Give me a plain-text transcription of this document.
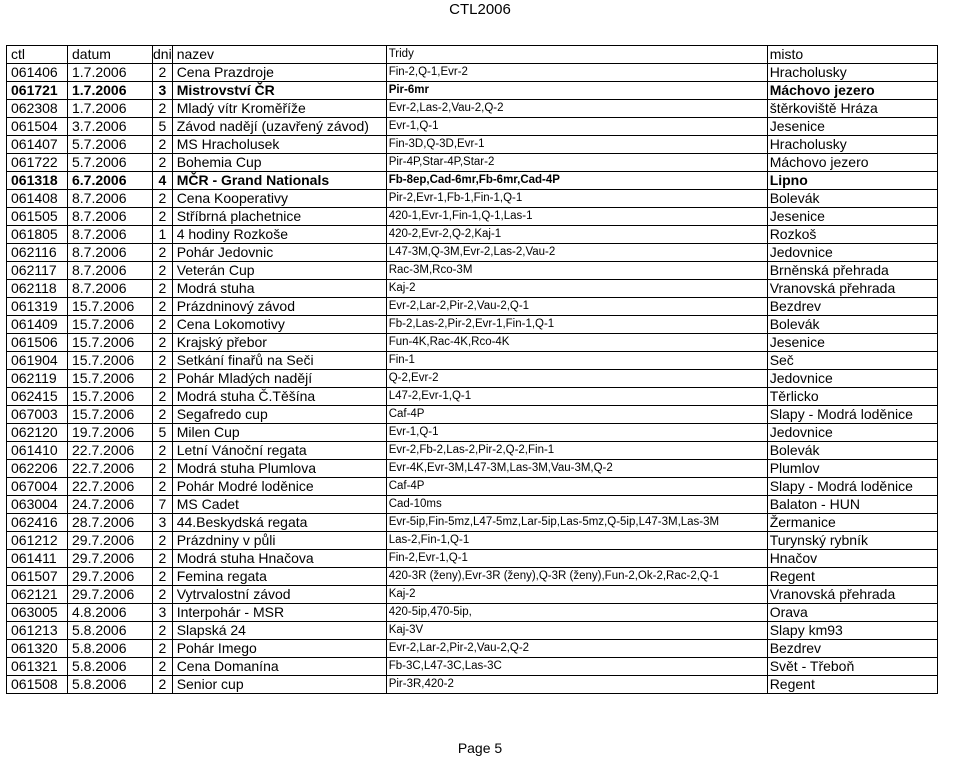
CTL2006
ctl	datum	dni	nazev	Tridy	misto
061406	1.7.2006	2	Cena Prazdroje	Fin-2,Q-1,Evr-2	Hracholusky
061721	1.7.2006	3	Mistrovství ČR	Pir-6mr	Máchovo jezero
062308	1.7.2006	2	Mladý vítr Kroměříže	Evr-2,Las-2,Vau-2,Q-2	štěrkoviště Hráza
061504	3.7.2006	5	Závod nadějí (uzavřený závod)	Evr-1,Q-1	Jesenice
061407	5.7.2006	2	MS Hracholusek	Fin-3D,Q-3D,Evr-1	Hracholusky
061722	5.7.2006	2	Bohemia Cup	Pir-4P,Star-4P,Star-2	Máchovo jezero
061318	6.7.2006	4	MČR - Grand Nationals	Fb-8ep,Cad-6mr,Fb-6mr,Cad-4P	Lipno
061408	8.7.2006	2	Cena Kooperativy	Pir-2,Evr-1,Fb-1,Fin-1,Q-1	Bolevák
061505	8.7.2006	2	Stříbrná plachetnice	420-1,Evr-1,Fin-1,Q-1,Las-1	Jesenice
061805	8.7.2006	1	4 hodiny Rozkoše	420-2,Evr-2,Q-2,Kaj-1	Rozkoš
062116	8.7.2006	2	Pohár Jedovnic	L47-3M,Q-3M,Evr-2,Las-2,Vau-2	Jedovnice
062117	8.7.2006	2	Veterán Cup	Rac-3M,Rco-3M	Brněnská přehrada
062118	8.7.2006	2	Modrá stuha	Kaj-2	Vranovská přehrada
061319	15.7.2006	2	Prázdninový závod	Evr-2,Lar-2,Pir-2,Vau-2,Q-1	Bezdrev
061409	15.7.2006	2	Cena Lokomotivy	Fb-2,Las-2,Pir-2,Evr-1,Fin-1,Q-1	Bolevák
061506	15.7.2006	2	Krajský přebor	Fun-4K,Rac-4K,Rco-4K	Jesenice
061904	15.7.2006	2	Setkání finařů na Seči	Fin-1	Seč
062119	15.7.2006	2	Pohár Mladých nadějí	Q-2,Evr-2	Jedovnice
062415	15.7.2006	2	Modrá stuha Č.Těšína	L47-2,Evr-1,Q-1	Těrlicko
067003	15.7.2006	2	Segafredo cup	Caf-4P	Slapy - Modrá loděnice
062120	19.7.2006	5	Milen Cup	Evr-1,Q-1	Jedovnice
061410	22.7.2006	2	Letní Vánoční regata	Evr-2,Fb-2,Las-2,Pir-2,Q-2,Fin-1	Bolevák
062206	22.7.2006	2	Modrá stuha Plumlova	Evr-4K,Evr-3M,L47-3M,Las-3M,Vau-3M,Q-2	Plumlov
067004	22.7.2006	2	Pohár Modré loděnice	Caf-4P	Slapy - Modrá loděnice
063004	24.7.2006	7	MS Cadet	Cad-10ms	Balaton - HUN
062416	28.7.2006	3	44.Beskydská regata	Evr-5ip,Fin-5mz,L47-5mz,Lar-5ip,Las-5mz,Q-5ip,L47-3M,Las-3M	Žermanice
061212	29.7.2006	2	Prázdniny v půli	Las-2,Fin-1,Q-1	Turynský rybník
061411	29.7.2006	2	Modrá stuha Hnačova	Fin-2,Evr-1,Q-1	Hnačov
061507	29.7.2006	2	Femina regata	420-3R (ženy),Evr-3R (ženy),Q-3R (ženy),Fun-2,Ok-2,Rac-2,Q-1	Regent
062121	29.7.2006	2	Vytrvalostní závod	Kaj-2	Vranovská přehrada
063005	4.8.2006	3	Interpohár - MSR	420-5ip,470-5ip,	Orava
061213	5.8.2006	2	Slapská 24	Kaj-3V	Slapy km93
061320	5.8.2006	2	Pohár Imego	Evr-2,Lar-2,Pir-2,Vau-2,Q-2	Bezdrev
061321	5.8.2006	2	Cena Domanína	Fb-3C,L47-3C,Las-3C	Svět - Třeboň
061508	5.8.2006	2	Senior cup	Pir-3R,420-2	Regent
Page 5
